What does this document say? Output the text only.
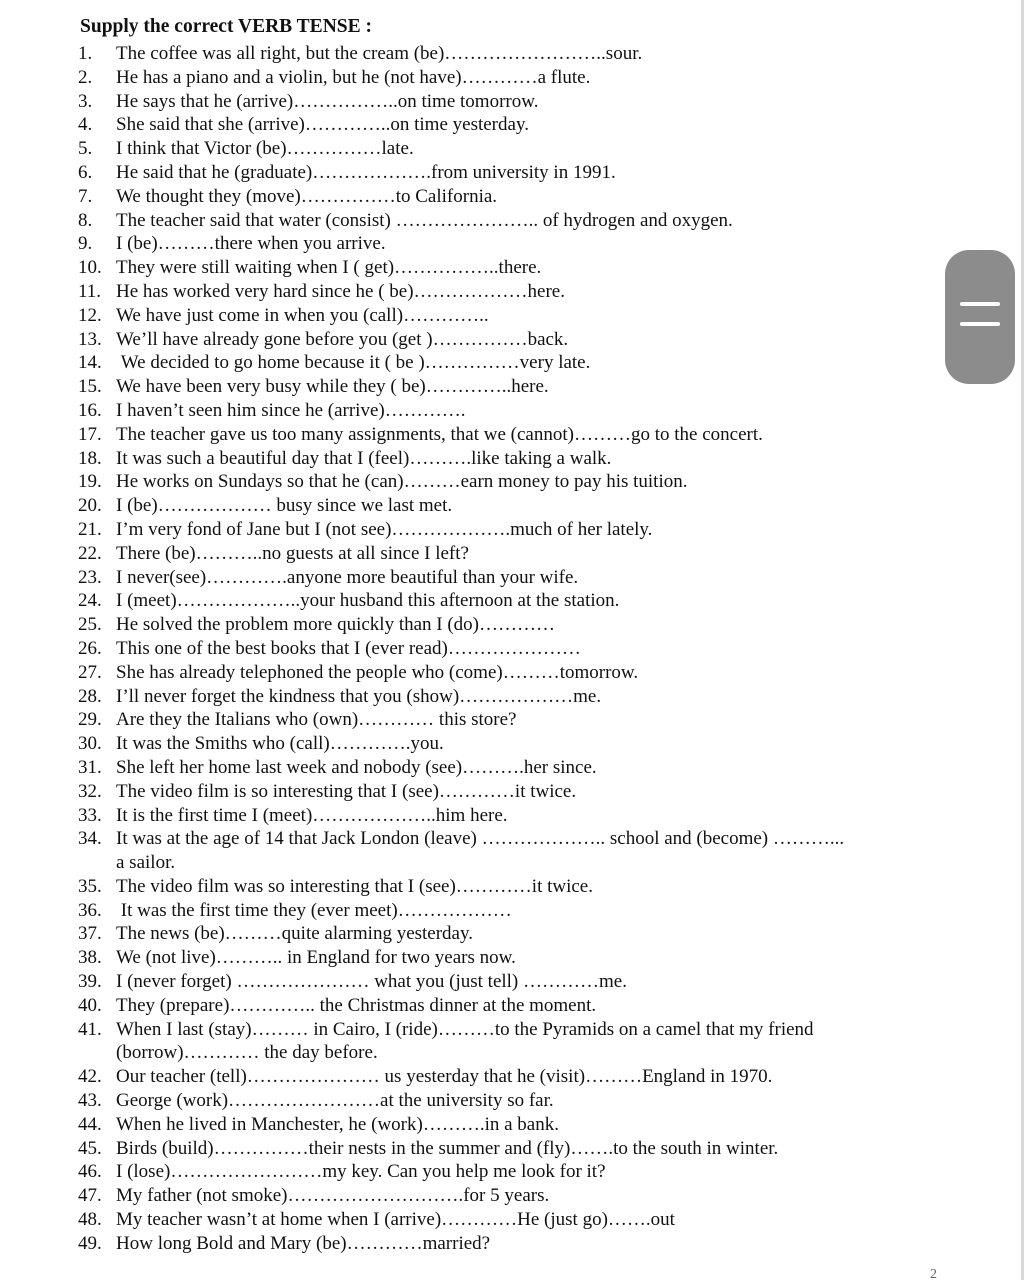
Supply the correct VERB TENSE :
1.	The coffee was all right, but the cream (be)……………………..sour.
2.	He has a piano and a violin, but he (not have)…………a flute.
3.	He says that he (arrive)……………..on time tomorrow.
4.	She said that she (arrive)…………..on time yesterday.
5.	I think that Victor (be)……………late.
6.	He said that he (graduate)……………….from university in 1991.
7.	We thought they (move)……………to California.
8.	The teacher said that water (consist) ………………….. of hydrogen and oxygen.
9.	I (be)………there when you arrive.
10. They were still waiting when I ( get)……………..there.
11. He has worked very hard since he ( be)………………here.
12. We have just come in when you (call)…………..
13. We’ll have already gone before you (get )……………back.
14. We decided to go home because it ( be )……………very late.
15. We have been very busy while they ( be)…………..here.
16. I haven’t seen him since he (arrive)………….
17. The teacher gave us too many assignments, that we (cannot)………go to the concert.
18. It was such a beautiful day that I (feel)……….like taking a walk.
19. He works on Sundays so that he (can)………earn money to pay his tuition.
20. I (be)……………… busy since we last met.
21. I’m very fond of Jane but I (not see)……………….much of her lately.
22. There (be)………..no guests at all since I left?
23. I never(see)………….anyone more beautiful than your wife.
24. I (meet)………………..your husband this afternoon at the station.
25. He solved the problem more quickly than I (do)…………
26. This one of the best books that I (ever read)…………………
27. She has already telephoned the people who (come)………tomorrow.
28. I’ll never forget the kindness that you (show)………………me.
29. Are they the Italians who (own)………… this store?
30. It was the Smiths who (call)………….you.
31. She left her home last week and nobody (see)……….her since.
32. The video film is so interesting that I (see)…………it twice.
33. It is the first time I (meet)………………..him here.
34. It was at the age of 14 that Jack London (leave) ……………….. school and (become) ………...
a sailor.
35. The video film was so interesting that I (see)…………it twice.
36. It was the first time they (ever meet)………………
37. The news (be)………quite alarming yesterday.
38. We (not live)……….. in England for two years now.
39. I (never forget) ………………… what you (just tell) …………me.
40. They (prepare)………….. the Christmas dinner at the moment.
41. When I last (stay)……… in Cairo, I (ride)………to the Pyramids on a camel that my friend
(borrow)………… the day before.
42. Our teacher (tell)………………… us yesterday that he (visit)………England in 1970.
43. George (work)……………………at the university so far.
44. When he lived in Manchester, he (work)……….in a bank.
45. Birds (build)……………their nests in the summer and (fly)…….to the south in winter.
46. I (lose)……………………my key. Can you help me look for it?
47. My father (not smoke)……………………….for 5 years.
48. My teacher wasn’t at home when I (arrive)…………He (just go)…….out
49. How long Bold and Mary (be)…………married?
2
